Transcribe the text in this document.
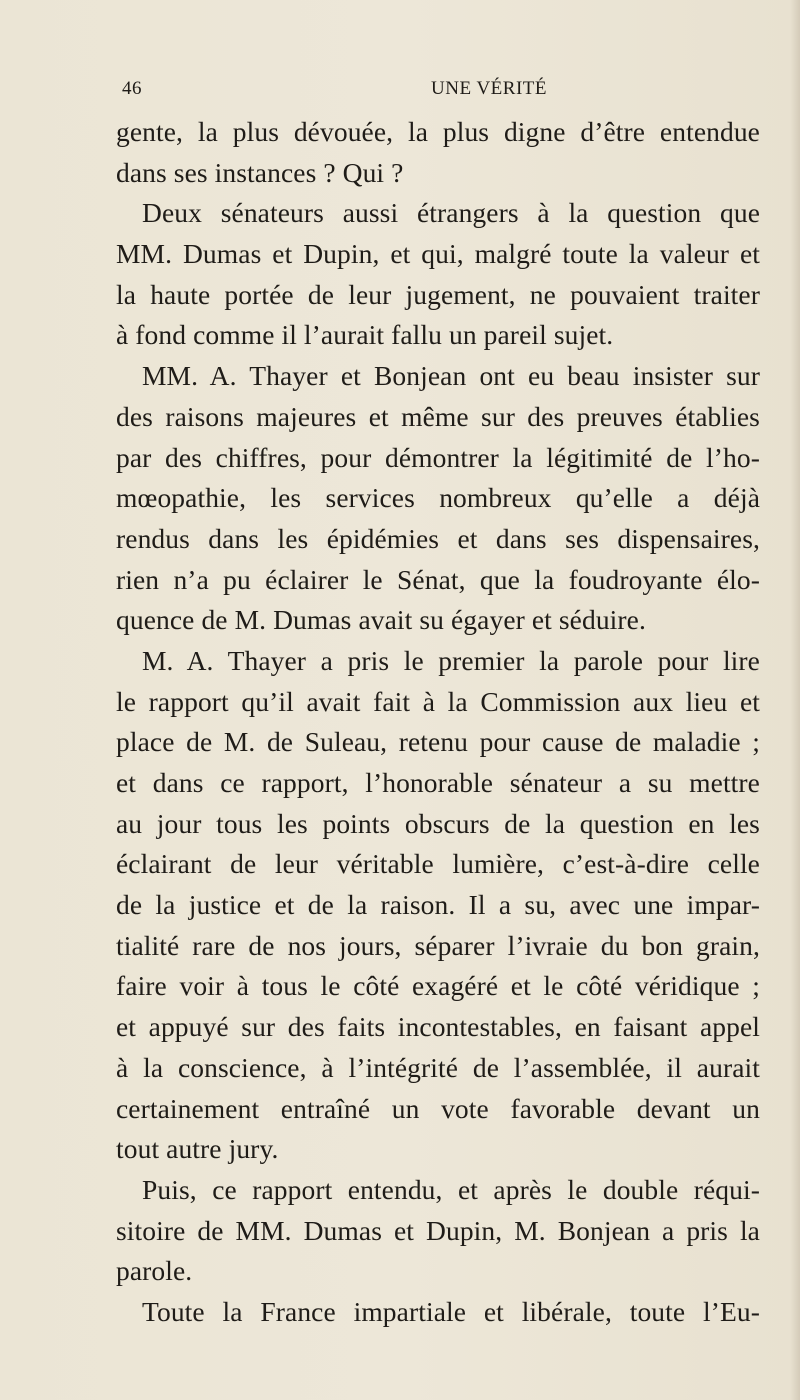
46	UNE VÉRITÉ
gente, la plus dévouée, la plus digne d’être entendue
dans ses instances ? Qui ?
Deux sénateurs aussi étrangers à la question que
MM. Dumas et Dupin, et qui, malgré toute la valeur et
la haute portée de leur jugement, ne pouvaient traiter
à fond comme il l’aurait fallu un pareil sujet.
MM. A. Thayer et Bonjean ont eu beau insister sur
des raisons majeures et même sur des preuves établies
par des chiffres, pour démontrer la légitimité de l’ho-
mœopathie, les services nombreux qu’elle a déjà
rendus dans les épidémies et dans ses dispensaires,
rien n’a pu éclairer le Sénat, que la foudroyante élo-
quence de M. Dumas avait su égayer et séduire.
M. A. Thayer a pris le premier la parole pour lire
le rapport qu’il avait fait à la Commission aux lieu et
place de M. de Suleau, retenu pour cause de maladie ;
et dans ce rapport, l’honorable sénateur a su mettre
au jour tous les points obscurs de la question en les
éclairant de leur véritable lumière, c’est-à-dire celle
de la justice et de la raison. Il a su, avec une impar-
tialité rare de nos jours, séparer l’ivraie du bon grain,
faire voir à tous le côté exagéré et le côté véridique ;
et appuyé sur des faits incontestables, en faisant appel
à la conscience, à l’intégrité de l’assemblée, il aurait
certainement entraîné un vote favorable devant un
tout autre jury.
Puis, ce rapport entendu, et après le double réqui-
sitoire de MM. Dumas et Dupin, M. Bonjean a pris la
parole.
Toute la France impartiale et libérale, toute l’Eu-
